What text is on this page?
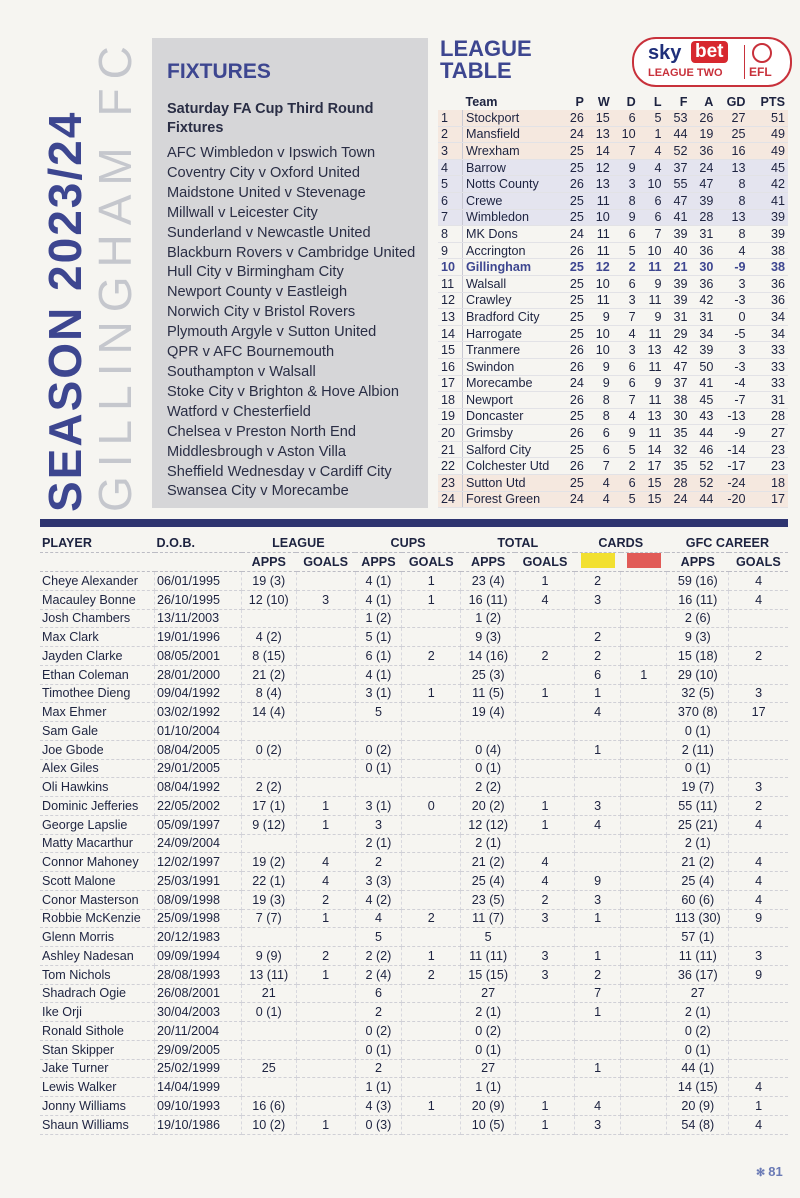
SEASON 2023/24
GILLINGHAM FC FIXTURES
Saturday FA Cup Third Round Fixtures
AFC Wimbledon v Ipswich Town
Coventry City v Oxford United
Maidstone United v Stevenage
Millwall v Leicester City
Sunderland v Newcastle United
Blackburn Rovers v Cambridge United
Hull City v Birmingham City
Newport County v Eastleigh
Norwich City v Bristol Rovers
Plymouth Argyle v Sutton United
QPR v AFC Bournemouth
Southampton v Walsall
Stoke City v Brighton & Hove Albion
Watford v Chesterfield
Chelsea v Preston North End
Middlesbrough v Aston Villa
Sheffield Wednesday v Cardiff City
Swansea City v Morecambe
LEAGUE
TABLE
sky bet
LEAGUE TWO EFL
	Team	P	W	D	L	F	A	GD	PTS
1	Stockport	26	15	6	5	53	26	27	51
2	Mansfield	24	13	10	1	44	19	25	49
3	Wrexham	25	14	7	4	52	36	16	49
4	Barrow	25	12	9	4	37	24	13	45
5	Notts County	26	13	3	10	55	47	8	42
6	Crewe	25	11	8	6	47	39	8	41
7	Wimbledon	25	10	9	6	41	28	13	39
8	MK Dons	24	11	6	7	39	31	8	39
9	Accrington	26	11	5	10	40	36	4	38
10	Gillingham	25	12	2	11	21	30	-9	38
11	Walsall	25	10	6	9	39	36	3	36
12	Crawley	25	11	3	11	39	42	-3	36
13	Bradford City	25	9	7	9	31	31	0	34
14	Harrogate	25	10	4	11	29	34	-5	34
15	Tranmere	26	10	3	13	42	39	3	33
16	Swindon	26	9	6	11	47	50	-3	33
17	Morecambe	24	9	6	9	37	41	-4	33
18	Newport	26	8	7	11	38	45	-7	31
19	Doncaster	25	8	4	13	30	43	-13	28
20	Grimsby	26	6	9	11	35	44	-9	27
21	Salford City	25	6	5	14	32	46	-14	23
22	Colchester Utd	26	7	2	17	35	52	-17	23
23	Sutton Utd	25	4	6	15	28	52	-24	18
24	Forest Green	24	4	5	15	24	44	-20	17
PLAYER	D.O.B.	LEAGUE		CUPS		TOTAL		CARDS		GFC CAREER	
		APPS	GOALS	APPS	GOALS	APPS	GOALS			APPS	GOALS
Cheye Alexander	06/01/1995	19 (3)		4 (1)	1	23 (4)	1	2		59 (16)	4
Macauley Bonne	26/10/1995	12 (10)	3	4 (1)	1	16 (11)	4	3		16 (11)	4
Josh Chambers	13/11/2003			1 (2)		1 (2)				2 (6)	
Max Clark	19/01/1996	4 (2)		5 (1)		9 (3)		2		9 (3)	
Jayden Clarke	08/05/2001	8 (15)		6 (1)	2	14 (16)	2	2		15 (18)	2
Ethan Coleman	28/01/2000	21 (2)		4 (1)		25 (3)		6	1	29 (10)	
Timothee Dieng	09/04/1992	8 (4)		3 (1)	1	11 (5)	1	1		32 (5)	3
Max Ehmer	03/02/1992	14 (4)		5		19 (4)		4		370 (8)	17
Sam Gale	01/10/2004									0 (1)	
Joe Gbode	08/04/2005	0 (2)		0 (2)		0 (4)		1		2 (11)	
Alex Giles	29/01/2005			0 (1)		0 (1)				0 (1)	
Oli Hawkins	08/04/1992	2 (2)				2 (2)				19 (7)	3
Dominic Jefferies	22/05/2002	17 (1)	1	3 (1)	0	20 (2)	1	3		55 (11)	2
George Lapslie	05/09/1997	9 (12)	1	3		12 (12)	1	4		25 (21)	4
Matty Macarthur	24/09/2004			2 (1)		2 (1)				2 (1)	
Connor Mahoney	12/02/1997	19 (2)	4	2		21 (2)	4			21 (2)	4
Scott Malone	25/03/1991	22 (1)	4	3 (3)		25 (4)	4	9		25 (4)	4
Conor Masterson	08/09/1998	19 (3)	2	4 (2)		23 (5)	2	3		60 (6)	4
Robbie McKenzie	25/09/1998	7 (7)	1	4	2	11 (7)	3	1		113 (30)	9
Glenn Morris	20/12/1983			5		5				57 (1)	
Ashley Nadesan	09/09/1994	9 (9)	2	2 (2)	1	11 (11)	3	1		11 (11)	3
Tom Nichols	28/08/1993	13 (11)	1	2 (4)	2	15 (15)	3	2		36 (17)	9
Shadrach Ogie	26/08/2001	21		6		27		7		27	
Ike Orji	30/04/2003	0 (1)		2		2 (1)		1		2 (1)	
Ronald Sithole	20/11/2004			0 (2)		0 (2)				0 (2)	
Stan Skipper	29/09/2005			0 (1)		0 (1)				0 (1)	
Jake Turner	25/02/1999	25		2		27		1		44 (1)	
Lewis Walker	14/04/1999			1 (1)		1 (1)				14 (15)	4
Jonny Williams	09/10/1993	16 (6)		4 (3)	1	20 (9)	1	4		20 (9)	1
Shaun Williams	19/10/1986	10 (2)	1	0 (3)		10 (5)	1	3		54 (8)	4
✻ 81
